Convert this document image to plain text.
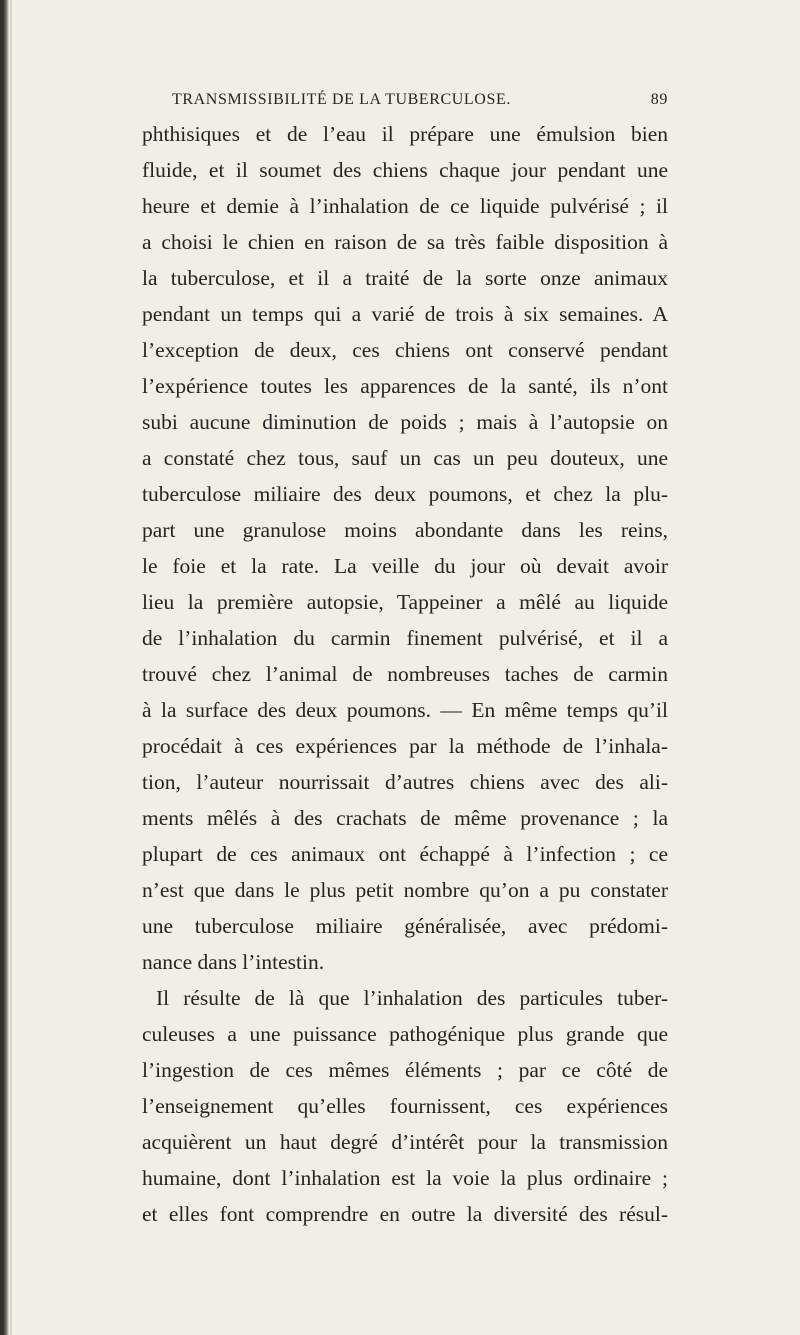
TRANSMISSIBILITÉ DE LA TUBERCULOSE.	89
phthisiques et de l’eau il prépare une émulsion bien
fluide, et il soumet des chiens chaque jour pendant une
heure et demie à l’inhalation de ce liquide pulvérisé ; il
a choisi le chien en raison de sa très faible disposition à
la tuberculose, et il a traité de la sorte onze animaux
pendant un temps qui a varié de trois à six semaines. A
l’exception de deux, ces chiens ont conservé pendant
l’expérience toutes les apparences de la santé, ils n’ont
subi aucune diminution de poids ; mais à l’autopsie on
a constaté chez tous, sauf un cas un peu douteux, une
tuberculose miliaire des deux poumons, et chez la plu-
part une granulose moins abondante dans les reins,
le foie et la rate. La veille du jour où devait avoir
lieu la première autopsie, Tappeiner a mêlé au liquide
de l’inhalation du carmin finement pulvérisé, et il a
trouvé chez l’animal de nombreuses taches de carmin
à la surface des deux poumons. — En même temps qu’il
procédait à ces expériences par la méthode de l’inhala-
tion, l’auteur nourrissait d’autres chiens avec des ali-
ments mêlés à des crachats de même provenance ; la
plupart de ces animaux ont échappé à l’infection ; ce
n’est que dans le plus petit nombre qu’on a pu constater
une tuberculose miliaire généralisée, avec prédomi-
nance dans l’intestin.
Il résulte de là que l’inhalation des particules tuber-
culeuses a une puissance pathogénique plus grande que
l’ingestion de ces mêmes éléments ; par ce côté de
l’enseignement qu’elles fournissent, ces expériences
acquièrent un haut degré d’intérêt pour la transmission
humaine, dont l’inhalation est la voie la plus ordinaire ;
et elles font comprendre en outre la diversité des résul-
